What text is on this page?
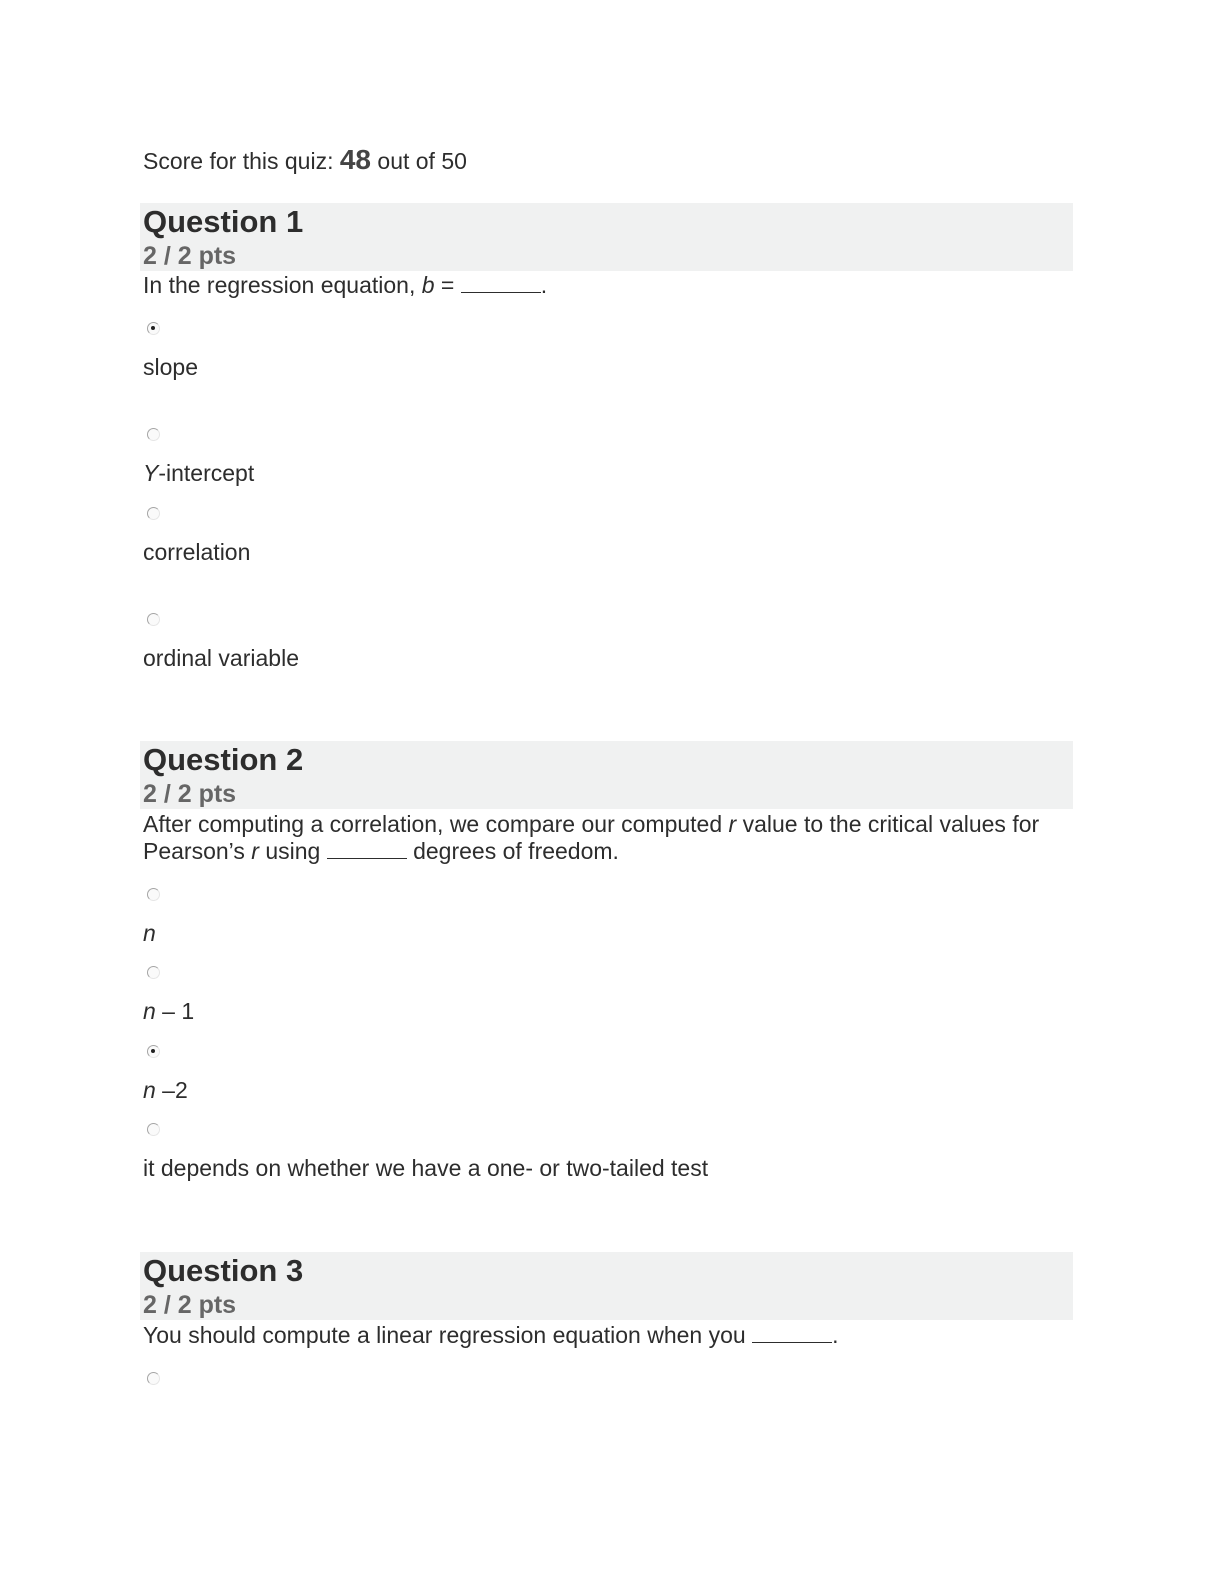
Score for this quiz: 48 out of 50
Question 1
2 / 2 pts
In the regression equation, b =	.
slope
Y-intercept
correlation
ordinal variable
Question 2
2 / 2 pts
After computing a correlation, we compare our computed r value to the critical values for
Pearson’s r using	degrees of freedom.
n
n – 1
n –2
it depends on whether we have a one- or two-tailed test
Question 3
2 / 2 pts
You should compute a linear regression equation when you	.
